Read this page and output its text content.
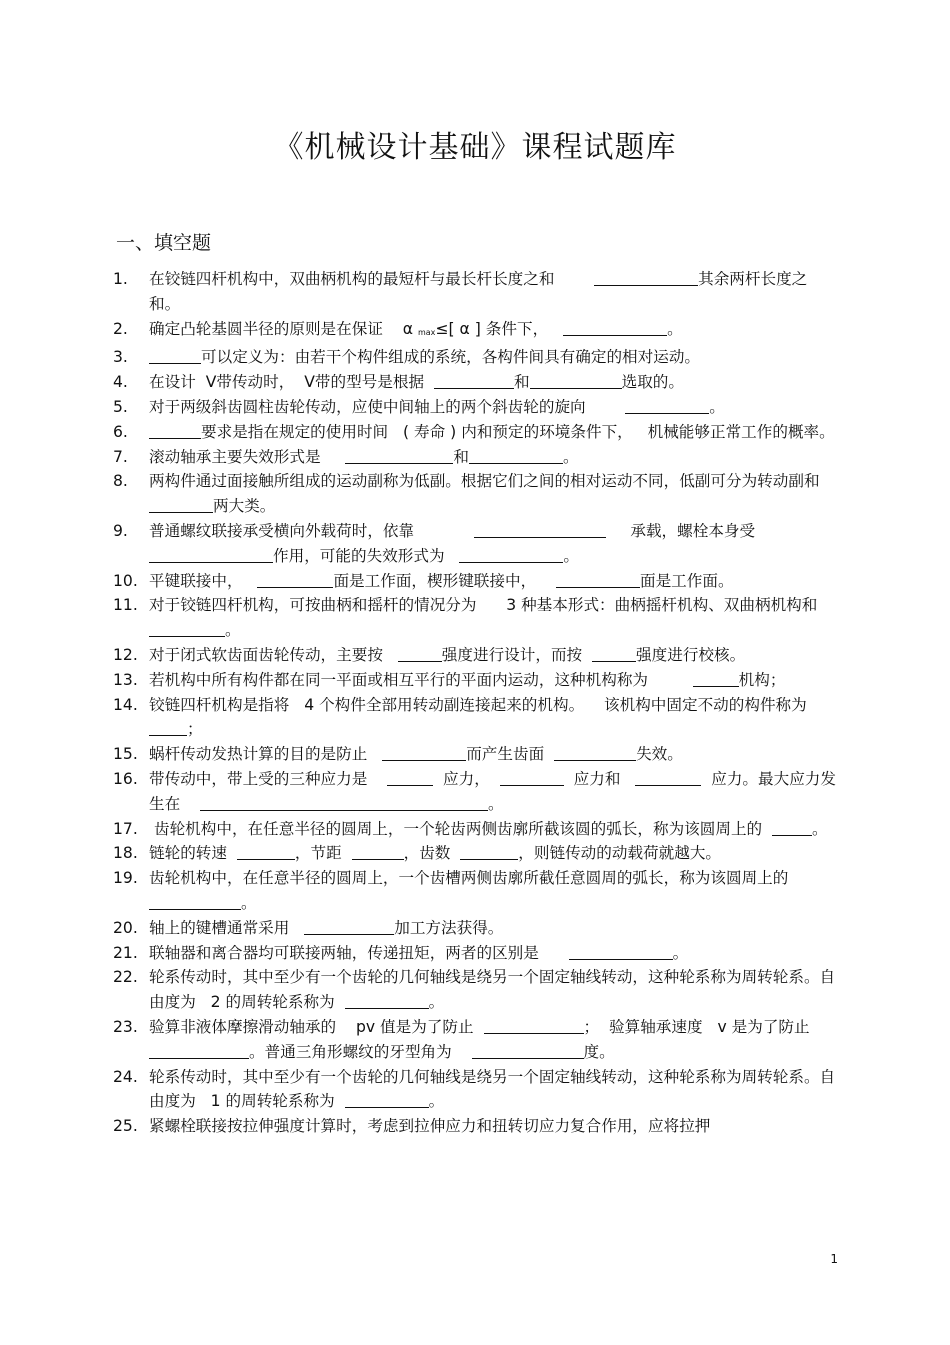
《机械设计基础》课程试题库
一、填空题
1. 在铰链四杆机构中，双曲柄机构的最短杆与最长杆长度之和	其余两杆长度之和。
2. 确定凸轮基圆半径的原则是在保证    α max≤[ α ] 条件下，	。
3.	可以定义为：由若干个构件组成的系统，各构件间具有确定的相对运动。
4. 在设计  V带传动时，  V带的型号是根据	和	选取的。
5. 对于两级斜齿圆柱齿轮传动，应使中间轴上的两个斜齿轮的旋向	。
6.	要求是指在规定的使用时间   ( 寿命 ) 内和预定的环境条件下，   机械能够正常工作的概率。
7. 滚动轴承主要失效形式是	和	。
8. 两构件通过面接触所组成的运动副称为低副。根据它们之间的相对运动不同，低副可分为转动副和  两大类。
9. 普通螺纹联接承受横向外载荷时，依靠	承载，螺栓本身受作用，可能的失效形式为	。
10. 平键联接中，	面是工作面，楔形键联接中，	面是工作面。
11. 对于铰链四杆机构，可按曲柄和摇杆的情况分为      3 种基本形式：曲柄摇杆机构、双曲柄机构和  。
12. 对于闭式软齿面齿轮传动，主要按	强度进行设计，而按	强度进行校核。
13. 若机构中所有构件都在同一平面或相互平行的平面内运动，这种机构称为	机构；
14. 铰链四杆机构是指将   4 个构件全部用转动副连接起来的机构。    该机构中固定不动的构件称为  ；
15. 蜗杆传动发热计算的目的是防止	而产生齿面	失效。
16. 带传动中，带上受的三种应力是	应力，	应力和	应力。最大应力发生在	。
17. 齿轮机构中，在任意半径的圆周上，一个轮齿两侧齿廓所截该圆的弧长，称为该圆周上的	。
18. 链轮的转速	，节距	，齿数	，则链传动的动载荷就越大。
19. 齿轮机构中，在任意半径的圆周上，一个齿槽两侧齿廓所截任意圆周的弧长，称为该圆周上的  。
20. 轴上的键槽通常采用	加工方法获得。
21. 联轴器和离合器均可联接两轴，传递扭矩，两者的区别是	。
22. 轮系传动时，其中至少有一个齿轮的几何轴线是绕另一个固定轴线转动，这种轮系称为周转轮系。自由度为   2 的周转轮系称为	。
23. 验算非液体摩擦滑动轴承的    pv 值是为了防止	；  验算轴承速度   v 是为了防止 。普通三角形螺纹的牙型角为	度。
24. 轮系传动时，其中至少有一个齿轮的几何轴线是绕另一个固定轴线转动，这种轮系称为周转轮系。自由度为   1 的周转轮系称为	。
25. 紧螺栓联接按拉伸强度计算时，考虑到拉伸应力和扭转切应力复合作用，应将拉押
1
